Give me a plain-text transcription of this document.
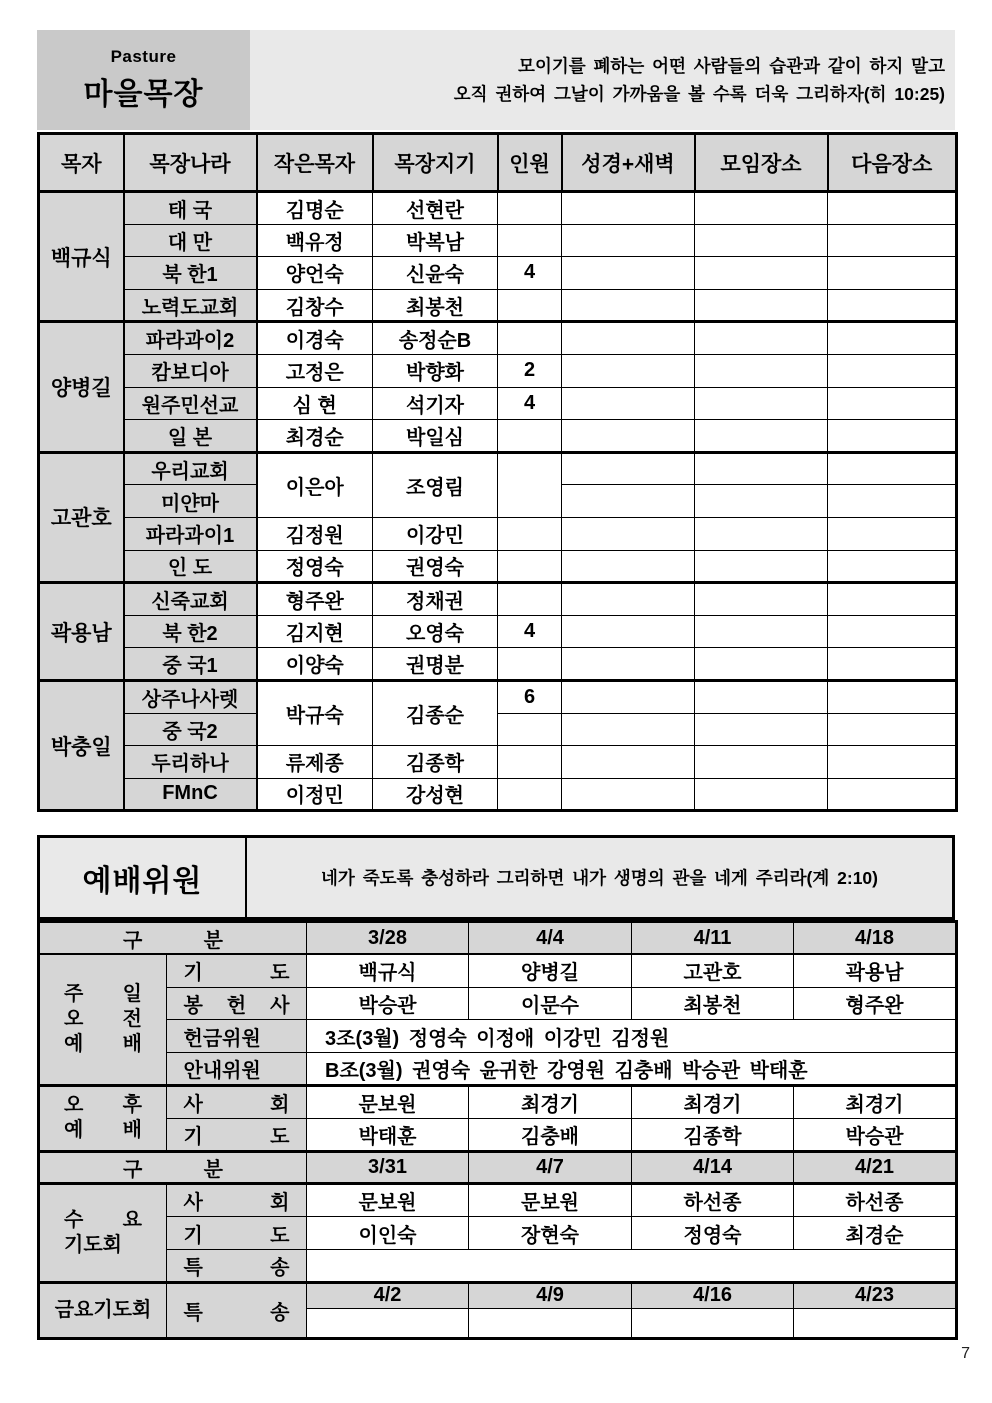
Pasture
마을목장
모이기를 폐하는 어떤 사람들의 습관과 같이 하지 말고
오직 권하여 그날이 가까움을 볼 수록 더욱 그리하자(히 10:25)
목자	목장나라	작은목자	목장지기	인원	성경+새벽	모임장소	다음장소
백규식	태 국	김명순	선현란				
	대 만	백유정	박복남				
	북 한1	양언숙	신윤숙	4			
	노력도교회	김창수	최봉천				
양병길	파라과이2	이경숙	송정순B				
	캄보디아	고정은	박향화	2			
	원주민선교	심 현	석기자	4			
	일 본	최경순	박일심				
고관호	우리교회	이은아	조영림				
	미얀마						
	파라과이1	김정원	이강민				
	인 도	정영숙	권영숙				
곽용남	신죽교회	형주완	정채권				
	북 한2	김지현	오영숙	4			
	중 국1	이양숙	권명분				
박충일	상주나사렛	박규숙	김종순	6			
	중 국2						
	두리하나	류제종	김종학				
	FMnC	이정민	강성현				
예배위원	네가 죽도록 충성하라 그리하면 내가 생명의 관을 네게 주리라(계 2:10)
구 분		3/28	4/4	4/11	4/18

주 일
오 전
예 배	기 도	백규식	양병길	고관호	곽용남

	봉 헌 사	박승관	이문수	최봉천	형주완

	헌금위원	3조(3월) 정영숙 이정애 이강민 김정원			

	안내위원	B조(3월) 권영숙 윤귀한 강영원 김충배 박승관 박태훈			

오 후
예 배	사 회	문보원	최경기	최경기	최경기

	기 도	박태훈	김충배	김종학	박승관

구 분		3/31	4/7	4/14	4/21

수 요
기도회	사 회	문보원	문보원	하선종	하선종

	기 도	이인숙	장현숙	정영숙	최경순

	특 송				

금요기도회	특 송	4/2	4/9	4/16	4/23

7
